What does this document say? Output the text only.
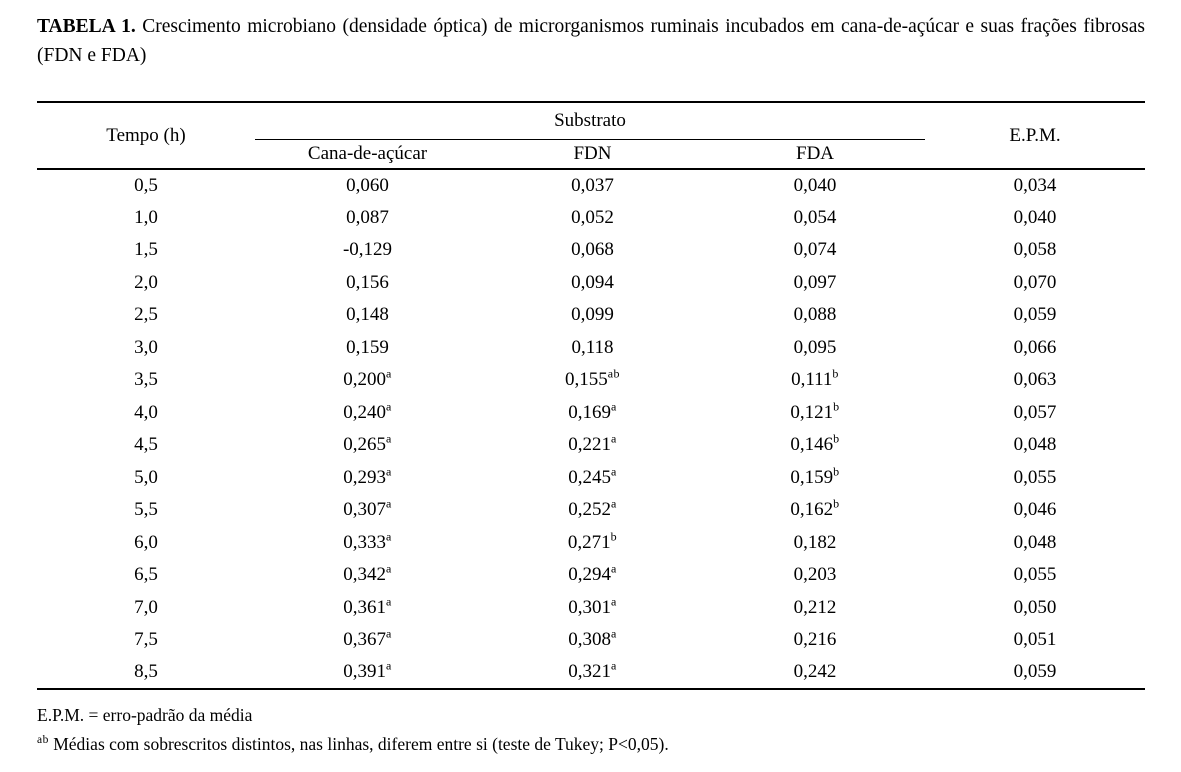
TABELA 1. Crescimento microbiano (densidade óptica) de microrganismos ruminais incubados em cana-de-açúcar e suas frações fibrosas (FDN e FDA)

Tempo (h)	Substrato			E.P.M.
	Cana-de-açúcar	FDN	FDA	
0,5	0,060	0,037	0,040	0,034
1,0	0,087	0,052	0,054	0,040
1,5	-0,129	0,068	0,074	0,058
2,0	0,156	0,094	0,097	0,070
2,5	0,148	0,099	0,088	0,059
3,0	0,159	0,118	0,095	0,066
3,5	0,200$^a$	0,155$^{ab}$	0,111$^b$	0,063
4,0	0,240$^a$	0,169$^a$	0,121$^b$	0,057
4,5	0,265$^a$	0,221$^a$	0,146$^b$	0,048
5,0	0,293$^a$	0,245$^a$	0,159$^b$	0,055
5,5	0,307$^a$	0,252$^a$	0,162$^b$	0,046
6,0	0,333$^a$	0,271$^b$	0,182	0,048
6,5	0,342$^a$	0,294$^a$	0,203	0,055
7,0	0,361$^a$	0,301$^a$	0,212	0,050
7,5	0,367$^a$	0,308$^a$	0,216	0,051
8,5	0,391$^a$	0,321$^a$	0,242	0,059
E.P.M. = erro-padrão da média
$^{ab}$ Médias com sobrescritos distintos, nas linhas, diferem entre si (teste de Tukey; P<0,05).
